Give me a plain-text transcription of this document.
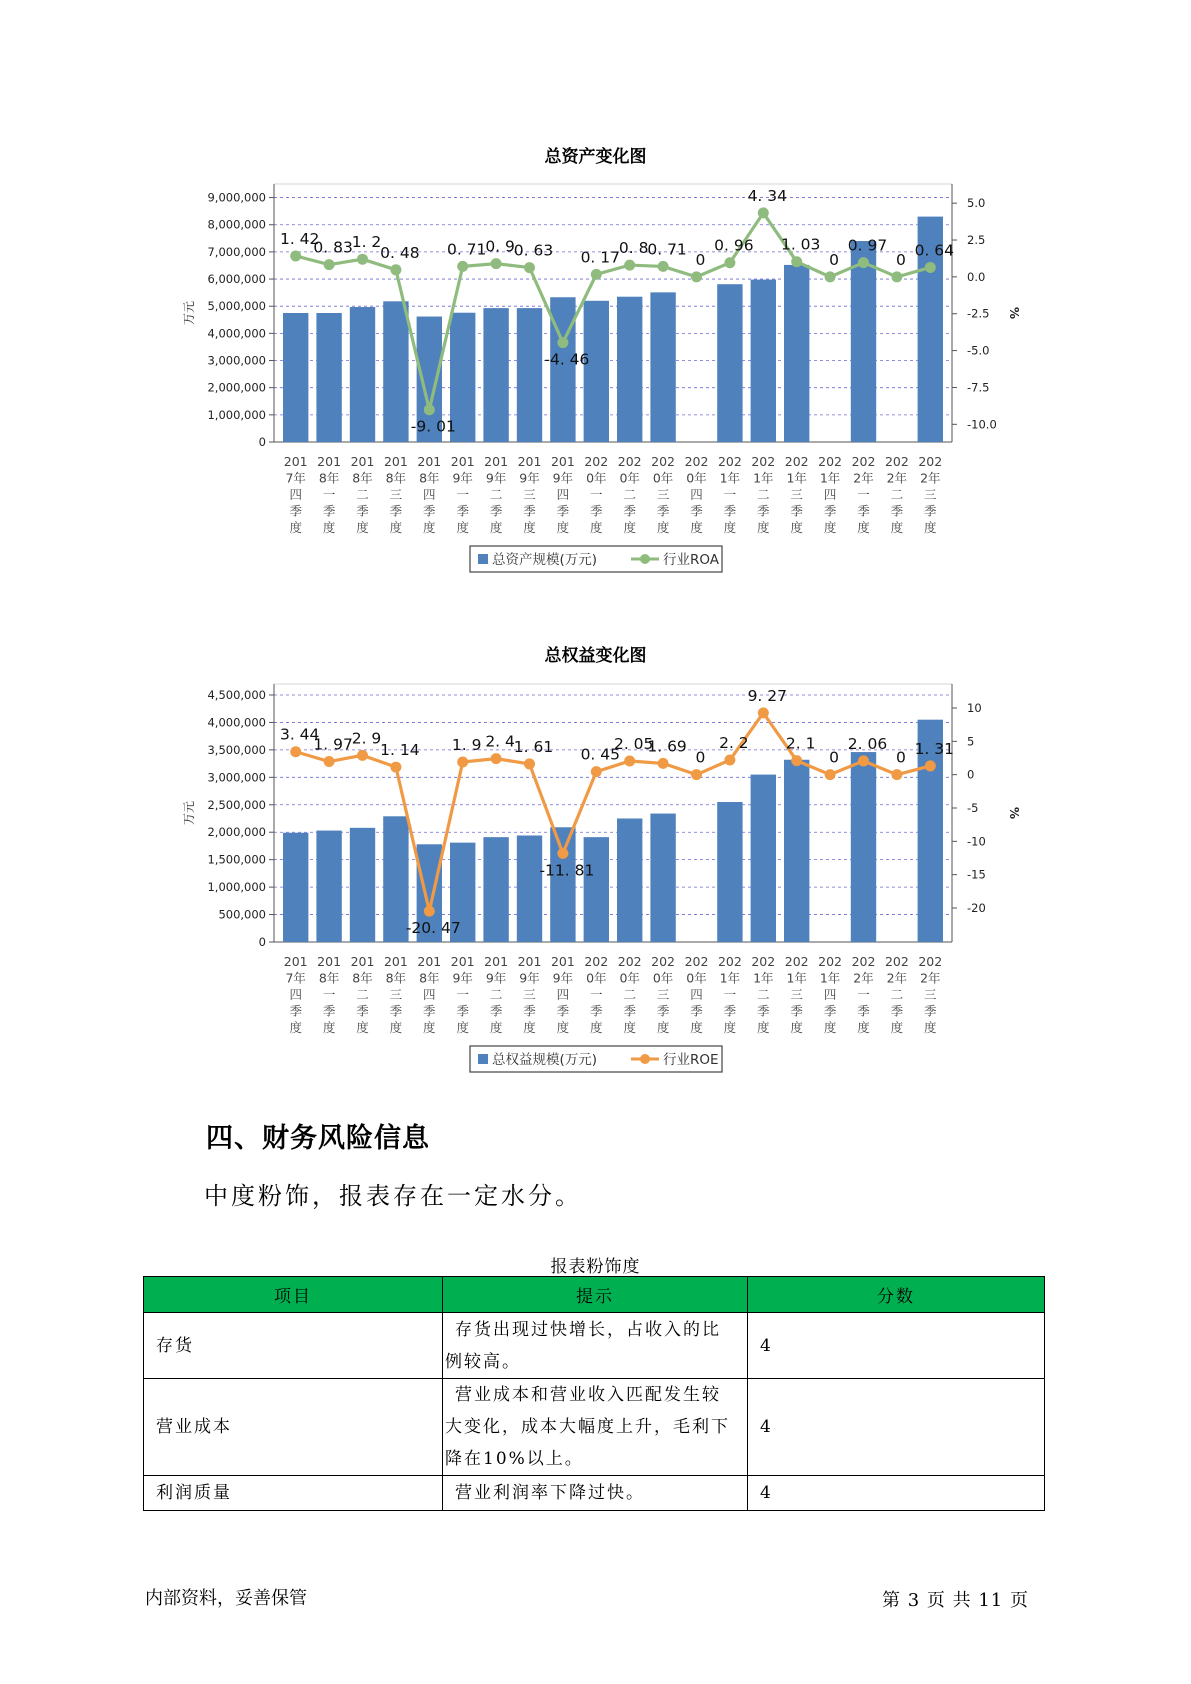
总资产变化图
0
1,000,000
2,000,000
3,000,000
4,000,000
5,000,000
6,000,000
7,000,000
8,000,000
9,000,000	5.0
2.5
0.0
-2.5
-5.0
-7.5
-10.0
万元	%
1. 42
0. 83
1. 2
0. 48
-9. 01
0. 71
0. 9
0. 63
-4. 46
0. 17
0. 8
0. 71
0
0. 96
4. 34
1. 03
0
0. 97
0
0. 64
201
7年
四
季
度
201
8年
一
季
度
201
8年
二
季
度
201
8年
三
季
度
201
8年
四
季
度
201
9年
一
季
度
201
9年
二
季
度
201
9年
三
季
度
201
9年
四
季
度
202
0年
一
季
度
202
0年
二
季
度
202
0年
三
季
度
202
0年
四
季
度
202
1年
一
季
度
202
1年
二
季
度
202
1年
三
季
度
202
1年
四
季
度
202
2年
一
季
度
202
2年
二
季
度
202
2年
三
季
度
总资产规模(万元)	行业ROA
总权益变化图
0
500,000
1,000,000
1,500,000
2,000,000
2,500,000
3,000,000
3,500,000
4,000,000
4,500,000
10
5
0
-5
-10
-15
-20
万元	%
3. 44
1. 97
2. 9
1. 14
-20. 47
1. 9 2. 4
1. 61
-11. 81
0. 45
2. 05
1. 69
0
2. 2
9. 27
2. 1
0
2. 06
0 1. 31
201
7年
四
季
度
201
8年
一
季
度
201
8年
二
季
度
201
8年
三
季
度
201
8年
四
季
度
201
9年
一
季
度
201
9年
二
季
度
201
9年
三
季
度
201
9年
四
季
度
202
0年
一
季
度
202
0年
二
季
度
202
0年
三
季
度
202
0年
四
季
度
202
1年
一
季
度
202
1年
二
季
度
202
1年
三
季
度
202
1年
四
季
度
202
2年
一
季
度
202
2年
二
季
度
202
2年
三
季
度
总权益规模(万元)	行业ROE
四、财务风险信息
中度粉饰，报表存在一定水分。
报表粉饰度
项目	提示	分数
存货	存货出现过快增长，占收入的比
例较高。	4
营业成本	营业成本和营业收入匹配发生较
大变化，成本大幅度上升，毛利下
降在10%以上。	4
利润质量	营业利润率下降过快。	4
内部资料，妥善保管	第 3 页 共 11 页
